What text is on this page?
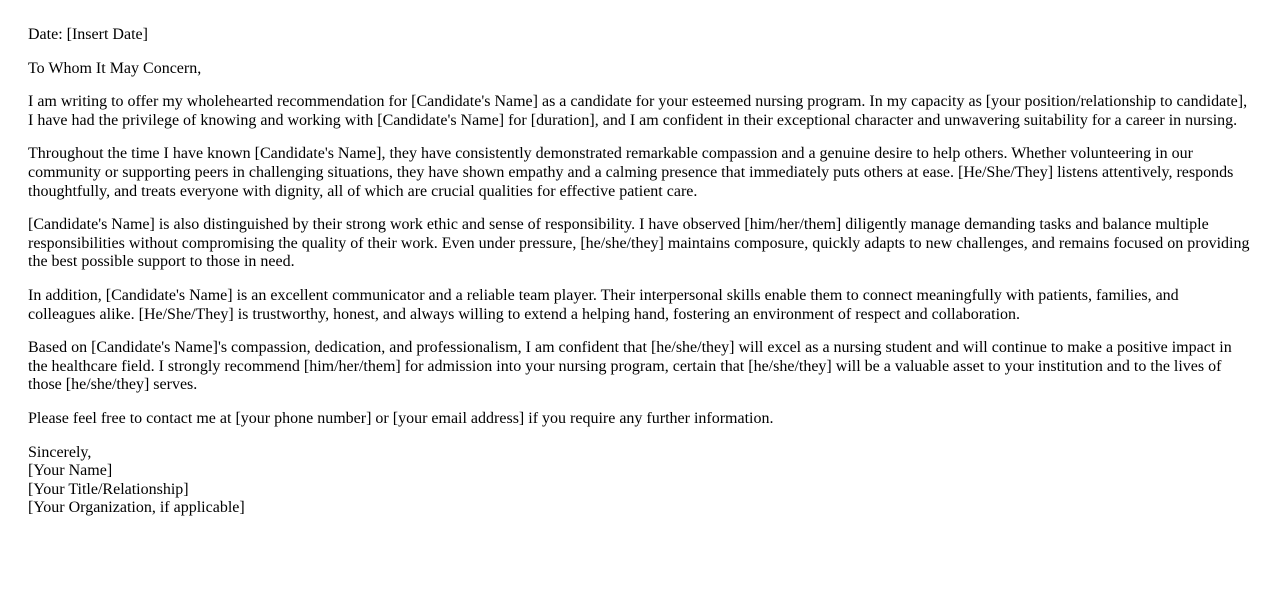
Date: [Insert Date]

To Whom It May Concern,

I am writing to offer my wholehearted recommendation for [Candidate's Name] as a candidate for your esteemed nursing program. In my capacity as [your position/relationship to candidate], I have had the privilege of knowing and working with [Candidate's Name] for [duration], and I am confident in their exceptional character and unwavering suitability for a career in nursing.

Throughout the time I have known [Candidate's Name], they have consistently demonstrated remarkable compassion and a genuine desire to help others. Whether volunteering in our community or supporting peers in challenging situations, they have shown empathy and a calming presence that immediately puts others at ease. [He/She/They] listens attentively, responds thoughtfully, and treats everyone with dignity, all of which are crucial qualities for effective patient care.

[Candidate's Name] is also distinguished by their strong work ethic and sense of responsibility. I have observed [him/her/them] diligently manage demanding tasks and balance multiple responsibilities without compromising the quality of their work. Even under pressure, [he/she/they] maintains composure, quickly adapts to new challenges, and remains focused on providing the best possible support to those in need.

In addition, [Candidate's Name] is an excellent communicator and a reliable team player. Their interpersonal skills enable them to connect meaningfully with patients, families, and colleagues alike. [He/She/They] is trustworthy, honest, and always willing to extend a helping hand, fostering an environment of respect and collaboration.

Based on [Candidate's Name]'s compassion, dedication, and professionalism, I am confident that [he/she/they] will excel as a nursing student and will continue to make a positive impact in the healthcare field. I strongly recommend [him/her/them] for admission into your nursing program, certain that [he/she/they] will be a valuable asset to your institution and to the lives of those [he/she/they] serves.

Please feel free to contact me at [your phone number] or [your email address] if you require any further information.

Sincerely,
[Your Name]
[Your Title/Relationship]
[Your Organization, if applicable]
